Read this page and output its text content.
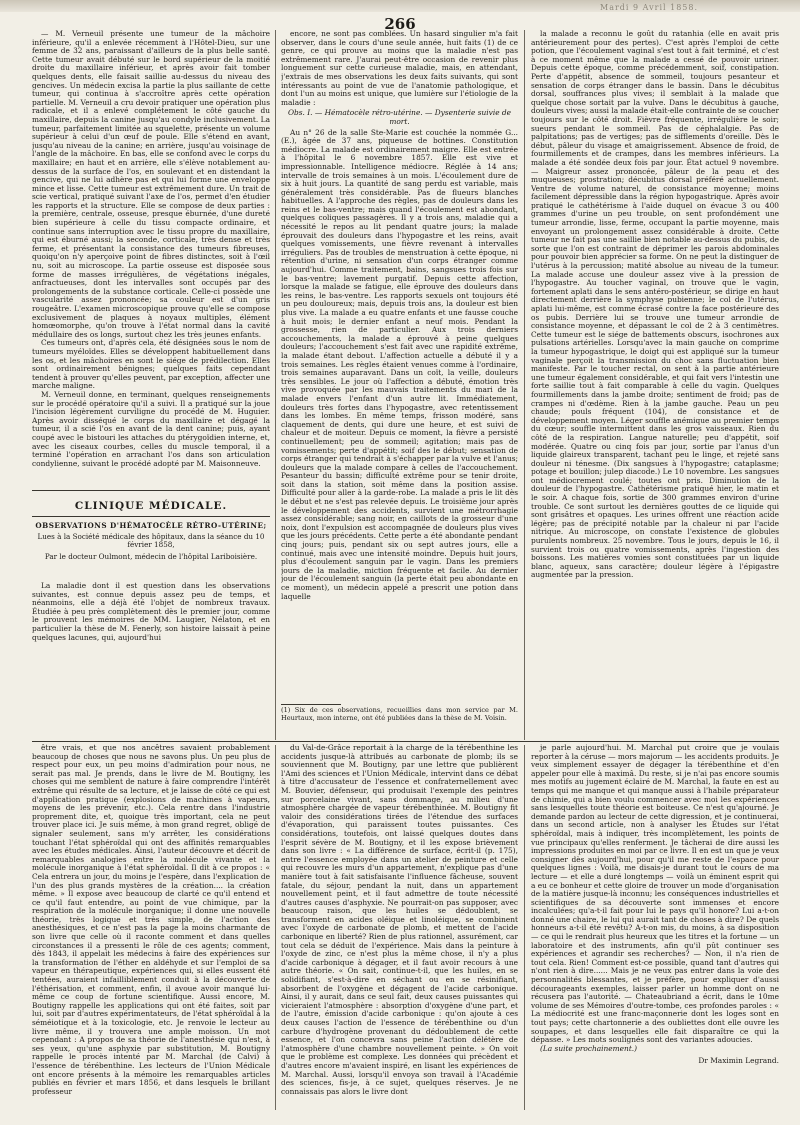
Mardi 9 Avril 1858.
266

— M. Verneuil présente une tumeur de la mâchoire inférieure, qu'il a enlevée récemment à l'Hôtel-Dieu, sur une femme de 32 ans, paraissant d'ailleurs de la plus belle santé. Cette tumeur avait débuté sur le bord supérieur de la moitié droite du maxillaire inférieur, et après avoir fait tomber quelques dents, elle faisait saillie au-dessus du niveau des gencives. Un médecin excisa la partie la plus saillante de cette tumeur, qui continua à s'accroître après cette opération partielle. M. Verneuil a cru devoir pratiquer une opération plus radicale, et il a enlevé complétement le côté gauche du maxillaire, depuis la canine jusqu'au condyle inclusivement. La tumeur, parfaitement limitée au squelette, présente un volume supérieur à celui d'un œuf de poule. Elle s'étend en avant, jusqu'au niveau de la canine; en arrière, jusqu'au voisinage de l'angle de la mâchoire. En bas, elle se confond avec le corps du maxillaire; en haut et en arrière, elle s'élève notablement au-dessus de la surface de l'os, en soulevant et en distendant la gencive, qui ne lui adhère pas et qui lui forme une enveloppe mince et lisse. Cette tumeur est extrêmement dure. Un trait de scie vertical, pratiqué suivant l'axe de l'os, permet d'en étudier les rapports et la structure. Elle se compose de deux parties : la première, centrale, osseuse, presque éburnée, d'une dureté bien supérieure à celle du tissu compacte ordinaire, et continue sans interruption avec le tissu propre du maxillaire, qui est éburné aussi; la seconde, corticale, très dense et très ferme, et présentant la consistance des tumeurs fibreuses, quoiqu'on n'y aperçoive point de fibres distinctes, soit à l'œil nu, soit au microscope. La partie osseuse est disposée sous forme de masses irrégulières, de végétations inégales, anfractueuses, dont les intervalles sont occupés par des prolongements de la substance corticale. Celle-ci possède une vascularité assez prononcée; sa couleur est d'un gris rougeâtre. L'examen microscopique prouve qu'elle se compose exclusivement de plaques à noyaux multiples, élément homœomorphe, qu'on trouve à l'état normal dans la cavité médullaire des os longs, surtout chez les très jeunes enfants.

Ces tumeurs ont, d'après cela, été désignées sous le nom de tumeurs myéloïdes. Elles se développent habituellement dans les os, et les mâchoires en sont le siége de prédilection. Elles sont ordinairement bénignes; quelques faits cependant tendent à prouver qu'elles peuvent, par exception, affecter une marche maligne.

M. Verneuil donne, en terminant, quelques renseignements sur le procédé opératoire qu'il a suivi. Il a pratiqué sur la joue l'incision légèrement curviligne du procédé de M. Huguier. Après avoir disséqué le corps du maxillaire et dégagé la tumeur, il a scié l'os en avant de la dent canine; puis, ayant coupé avec le bistouri les attaches du ptérygoïdien interne, et, avec les ciseaux courbes, celles du muscle temporal, il a terminé l'opération en arrachant l'os dans son articulation condylienne, suivant le procédé adopté par M. Maisonneuve.

CLINIQUE MÉDICALE.
OBSERVATIONS D'HÉMATOCÈLE RÉTRO-UTÉRINE;
Lues à la Société médicale des hôpitaux, dans la séance du 10 février 1858,
Par le docteur Oulmont, médecin de l'hôpital Lariboisière.

La maladie dont il est question dans les observations suivantes, est connue depuis assez peu de temps, et néanmoins, elle a déjà été l'objet de nombreux travaux. Étudiée à peu près complètement dès le premier jour, comme le prouvent les mémoires de MM. Laugier, Nélaton, et en particulier la thèse de M. Fenerly, son histoire laissait à peine quelques lacunes, qui, aujourd'hui

encore, ne sont pas comblées. Un hasard singulier m'a fait observer, dans le cours d'une seule année, huit faits (1) de ce genre, ce qui prouve au moins que la maladie n'est pas extrêmement rare. J'aurai peut-être occasion de revenir plus longuement sur cette curieuse maladie, mais, en attendant, j'extrais de mes observations les deux faits suivants, qui sont intéressants au point de vue de l'anatomie pathologique, et dont l'un au moins est unique, que lumière sur l'étiologie de la maladie :

Obs. I. — Hématocèle rétro-utérine. — Dysenterie suivie de mort.

Au n° 26 de la salle Ste-Marie est couchée la nommée G... (E.), âgée de 37 ans, piqueuse de bottines. Constitution médiocre. La malade est ordinairement maigre. Elle est entrée à l'hôpital le 6 novembre 1857. Elle est vive et impressionnable. Intelligence médiocre. Réglée à 14 ans; intervalle de trois semaines à un mois. L'écoulement dure de six à huit jours. La quantité de sang perdu est variable, mais généralement très considérable. Pas de flueurs blanches habituelles. A l'approche des règles, pas de douleurs dans les reins et le bas-ventre; mais quand l'écoulement est abondant, quelques coliques passagères. Il y a trois ans, maladie qui a nécessité le repos au lit pendant quatre jours; la malade éprouvait des douleurs dans l'hypogastre et les reins, avait quelques vomissements, une fièvre revenant à intervalles irréguliers. Pas de troubles de menstruation à cette époque, ni rétention d'urine, ni sensation d'un corps étranger comme aujourd'hui. Comme traitement, bains, sangsues trois fois sur le bas-ventre; lavement purgatif. Depuis cette affection, lorsque la malade se fatigue, elle éprouve des douleurs dans les reins, le bas-ventre. Les rapports sexuels ont toujours été un peu douloureux; mais, depuis trois ans, la douleur est bien plus vive. La malade a eu quatre enfants et une fausse couche à huit mois; le dernier enfant a neuf mois. Pendant la grossesse, rien de particulier. Aux trois derniers accouchements, la malade a éprouvé à peine quelques douleurs; l'accouchement s'est fait avec une rapidité extrême, la malade étant debout. L'affection actuelle a débuté il y a trois semaines. Les règles étaient venues comme à l'ordinaire, trois semaines auparavant. Dans un coït, la veille, douleurs très sensibles. Le jour où l'affection a débuté, émotion très vive provoquée par les mauvais traitements du mari de la malade envers l'enfant d'un autre lit. Immédiatement, douleurs très fortes dans l'hypogastre, avec retentissement dans les lombes. En même temps, frisson modéré, sans claquement de dents, qui dure une heure, et est suivi de chaleur et de moiteur. Depuis ce moment, la fièvre a persisté continuellement; peu de sommeil; agitation; mais pas de vomissements; perte d'appétit; soif des le début; sensation de corps étranger qui tendrait à s'échapper par la vulve et l'anus; douleurs que la malade compare à celles de l'accouchement. Pesanteur du bassin; difficulté extrême pour se tenir droite, soit dans la station, soit même dans la position assise. Difficulté pour aller à la garde-robe. La malade a pris le lit dès le début et ne s'est pas relevée depuis. Le troisième jour après le développement des accidents, survient une métrorrhagie assez considérable; sang noir, en caillots de la grosseur d'une noix, dont l'expulsion est accompagnée de douleurs plus vives que les jours précédents. Cette perte a été abondante pendant cinq jours; puis, pendant six ou sept autres jours, elle a continué, mais avec une intensité moindre. Depuis huit jours, plus d'écoulement sanguin par le vagin. Dans les premiers jours de la maladie, miction fréquente et facile. Au dernier jour de l'écoulement sanguin (la perte était peu abondante en ce moment), un médecin appelé a prescrit une potion dans laquelle

(1) Six de ces observations, recueillies dans mon service par M. Heurtaux, mon interne, ont été publiées dans la thèse de M. Voisin.

la malade a reconnu le goût du ratanhia (elle en avait pris antérieurement pour des pertes). C'est après l'emploi de cette potion, que l'écoulement vaginal s'est tout à fait terminé, et c'est à ce moment même que la malade a cessé de pouvoir uriner. Depuis cette époque, comme précédemment, soif, constipation. Perte d'appétit, absence de sommeil, toujours pesanteur et sensation de corps étranger dans le bassin. Dans le décubitus dorsal, souffrances plus vives; il semblait à la malade que quelque chose sortait par la vulve. Dans le décubitus à gauche, douleurs vives; aussi la malade était-elle contrainte de se coucher toujours sur le côté droit. Fièvre fréquente, irrégulière le soir; sueurs pendant le sommeil. Pas de céphalalgie. Pas de palpitations; pas de vertiges; pas de sifflements d'oreille. Dès le début, pâleur du visage et amaigrissement. Absence de froid, de fourmillements et de crampes, dans les membres inférieurs. La malade a été sondée deux fois par jour. État actuel 9 novembre. — Maigreur assez prononcée, pâleur de la peau et des muqueuses; prostration; décubitus dorsal préféré actuellement. Ventre de volume naturel, de consistance moyenne; moins facilement dépressible dans la région hypogastrique. Après avoir pratiqué le cathétérisme à l'aide duquel on évacue 3 ou 400 grammes d'urine un peu trouble, on sent profondément une tumeur arrondie, lisse, ferme, occupant la partie moyenne, mais envoyant un prolongement assez considérable à droite. Cette tumeur ne fait pas une saillie bien notable au-dessus du pubis, de sorte que l'on est contraint de déprimer les parois abdominales pour pouvoir bien apprécier sa forme. On ne peut la distinguer de l'utérus à la percussion; matité absolue au niveau de la tumeur. La malade accuse une douleur assez vive à la pression de l'hypogastre. Au toucher vaginal, on trouve que le vagin, fortement aplati dans le sens antéro-postérieur, se dirige en haut directement derrière la symphyse pubienne; le col de l'utérus, aplati lui-même, est comme écrasé contre la face postérieure des os pubis. Derrière lui se trouve une tumeur arrondie de consistance moyenne, et dépassant le col de 2 à 3 centimètres. Cette tumeur est le siége de battements obscurs, isochrones aux pulsations artérielles. Lorsqu'avec la main gauche on comprime la tumeur hypogastrique, le doigt qui est appliqué sur la tumeur vaginale perçoit la transmission du choc sans fluctuation bien manifeste. Par le toucher rectal, on sent à la partie antérieure une tumeur également considérable, et qui fait vers l'intestin une forte saillie tout à fait comparable à celle du vagin. Quelques fourmillements dans la jambe droite; sentiment de froid; pas de crampes ni d'œdème. Rien à la jambe gauche. Peau un peu chaude; pouls fréquent (104), de consistance et de développement moyen. Léger souffle anémique au premier temps du cœur; souffle intermittent dans les gros vaisseaux. Rien du côté de la respiration. Langue naturelle; peu d'appétit, soif modérée. Quatre ou cinq fois par jour, sortie par l'anus d'un liquide glaireux transparent, tachant peu le linge, et rejeté sans douleur ni ténesme. (Dix sangsues à l'hypogastre; cataplasme; potage et bouillon; julep diacode.) Le 10 novembre. Les sangsues ont médiocrement coulé; toutes ont pris. Diminution de la douleur de l'hypogastre. Cathétérisme pratiqué hier, le matin et le soir. A chaque fois, sortie de 300 grammes environ d'urine trouble. Ce sont surtout les dernières gouttes de ce liquide qui sont grisâtres et opaques. Les urines offrent une réaction acide légère; pas de précipité notable par la chaleur ni par l'acide nitrique. Au microscope, on constate l'existence de globules purulents nombreux. 25 novembre. Tous le jours, depuis le 16, il survient trois ou quatre vomissements, après l'ingestion des boissons. Les matières vomies sont constituées par un liquide blanc, aqueux, sans caractère; douleur légère à l'épigastre augmentée par la pression.

être vrais, et que nos ancêtres savaient probablement beaucoup de choses que nous ne savons plus. Un peu plus de respect pour eux, un peu moins d'admiration pour nous, ne serait pas mal. Je prends, dans le livre de M. Boutigny, les choses qui me semblent de nature à faire comprendre l'intérêt extrême qui résulte de sa lecture, et je laisse de côté ce qui est d'application pratique (explosions de machines à vapeurs, moyens de les prévenir, etc.). Cela rentre dans l'industrie proprement dite, et, quoique très important, cela ne peut trouver place ici. Je suis même, à mon grand regret, obligé de signaler seulement, sans m'y arrêter, les considérations touchant l'état sphéroïdal qui ont des affinités remarquables avec les études médicales. Ainsi, l'auteur découvre et décrit de remarquables analogies entre la molécule vivante et la molécule inorganique à l'état sphéroïdal. Il dit à ce propos : « Cela entrera un jour, du moins je l'espère, dans l'explication de l'un des plus grands mystères de la création.... la création même. » Il expose avec beaucoup de clarté ce qu'il entend et ce qu'il faut entendre, au point de vue chimique, par la respiration de la molécule inorganique; il donne une nouvelle théorie, très logique et très simple, de l'action des anesthésiques, et ce n'est pas la page la moins charmante de son livre que celle où il raconte comment et dans quelles circonstances il a pressenti le rôle de ces agents; comment, dès 1843, il appelait les médecins à faire des expériences sur la transformation de l'éther en aldéhyde et sur l'emploi de sa vapeur en thérapeutique, expériences qui, si elles eussent été tentées, auraient infailliblement conduit à la découverte de l'éthérisation, et comment, enfin, il avoue avoir manqué lui-même ce coup de fortune scientifique. Aussi encore, M. Boutigny rappelle les applications qui ont été faites, soit par lui, soit par d'autres expérimentateurs, de l'état sphéroïdal à la séméiotique et à la toxicologie, etc. Je renvoie le lecteur au livre même, il y trouvera une ample moisson. Un mot cependant : A propos de sa théorie de l'anesthésie qui n'est, à ses yeux, qu'une asphyxie par substitution, M. Boutigny rappelle le procès intenté par M. Marchal (de Calvi) à l'essence de térébenthine. Les lecteurs de l'Union Médicale ont encore présents à la mémoire les remarquables articles publiés en février et mars 1856, et dans lesquels le brillant professeur

du Val-de-Grâce reportait à la charge de la térébenthine les accidents jusque-là attribués au carbonate de plomb; ils se souviennent que M. Boutigny, par une lettre que publièrent l'Ami des sciences et l'Union Médicale, intervint dans ce débat à titre d'accusateur de l'essence et confraternellement avec M. Bouvier, défenseur, qui produisait l'exemple des peintres sur porcelaine vivant, sans dommage, au milieu d'une atmosphère chargée de vapeur térébenthinée. M. Boutigny fit valoir des considérations tirées de l'étendue des surfaces d'évaporation, qui paraissent toutes puissantes. Ces considérations, toutefois, ont laissé quelques doutes dans l'esprit sévère de M. Boutigny, et il les expose brièvement dans son livre : « La différence de surface, écrit-il (p. 175), entre l'essence employée dans un atelier de peinture et celle qui recouvre les murs d'un appartement, n'explique pas d'une manière tout à fait satisfaisante l'influence fâcheuse, souvent fatale, du séjour, pendant la nuit, dans un appartement nouvellement peint, et il faut admettre de toute nécessité d'autres causes d'asphyxie. Ne pourrait-on pas supposer, avec beaucoup raison, que les huiles se dédoublent, se transforment en acides oléique et linoléique, se combinent avec l'oxyde de carbonate de plomb, et mettent de l'acide carbonique en liberté? Rien de plus rationnel, assurément, car tout cela se déduit de l'expérience. Mais dans la peinture à l'oxyde de zinc, ce n'est plus la même chose, il n'y a plus d'acide carbonique à dégager, et il faut avoir recours à une autre théorie. « On sait, continue-t-il, que les huiles, en se solidifiant, s'est-à-dire en séchant ou en se résinifiant, absorbent de l'oxygène et dégagent de l'acide carbonique. Ainsi, il y aurait, dans ce seul fait, deux causes puissantes qui vicieraient l'atmosphère : absorption d'oxygène d'une part, et de l'autre, émission d'acide carbonique : qu'on ajoute à ces deux causes l'action de l'essence de térébenthine ou d'un carbure d'hydrogène provenant du dédoublement de cette essence, et l'on concevra sans peine l'action délétère de l'atmosphère d'une chambre nouvellement peinte. » On voit que le problème est complexe. Les données qui précèdent et d'autres encore m'avaient inspiré, en lisant les expériences de M. Marchal. Aussi, lorsqu'il envoya son travail à l'Académie des sciences, fis-je, à ce sujet, quelques réserves. Je ne connaissais pas alors le livre dont

je parle aujourd'hui. M. Marchal put croire que je voulais reporter à la céruse — mors majorum — les accidents produits. Je veux simplement essayer de dégager la térébenthine et d'en appeler pour elle à maximâ. Du reste, si je n'ai pas encore soumis mes motifs au jugement éclairé de M. Marchal, la faute en est au temps qui me manque et qui manque aussi à l'habile préparateur de chimie, qui a bien voulu commencer avec moi les expériences sans lesquelles toute théorie est boiteuse. Ce n'est qu'ajourné. Je demande pardon au lecteur de cette digression, et je continuerai, dans un second article, non à analyser les Études sur l'état sphéroïdal, mais à indiquer, très incomplètement, les points de vue principaux qu'elles renferment. Je tâcherai de dire aussi les impressions produites en moi par ce livre. Il en est un que je veux consigner dès aujourd'hui, pour qu'il me reste de l'espace pour quelques lignes : Voilà, me disais-je durant tout le cours de ma lecture — et elle a duré longtemps — voilà un éminent esprit qui a eu ce bonheur et cette gloire de trouver un mode d'organisation de la matière jusque-là inconnu; les conséquences industrielles et scientifiques de sa découverte sont immenses et encore incalculées; qu'a-t-il fait pour lui le pays qu'il honore? Lui a-t-on donné une chaire, le lui qui aurait tant de choses à dire? De quels honneurs a-t-il été revêtu? A-t-on mis, du moins, à sa disposition — ce qui le rendrait plus heureux que les titres et la fortune — un laboratoire et des instruments, afin qu'il pût continuer ses expériences et agrandir ses recherches? — Non, il n'a rien de tout cela. Rien! Comment est-ce possible, quand tant d'autres qui n'ont rien à dire...... Mais je ne veux pas entrer dans la voie des personnalités blessantes, et je préfère, pour expliquer d'aussi décourageants exemples, laisser parler un homme dont on ne récusera pas l'autorité. — Chateaubriand a écrit, dans le 10me volume de ses Mémoires d'outre-tombe, ces profondes paroles : « La médiocrité est une franc-maçonnerie dont les loges sont en tout pays; cette chartonnerie a des oubliettes dont elle ouvre les soupapes, et dans lesquelles elle fait disparaître ce qui la dépasse. » Les mots soulignés sont des variantes adoucies.

(La suite prochainement.)

Dr Maximin Legrand.
